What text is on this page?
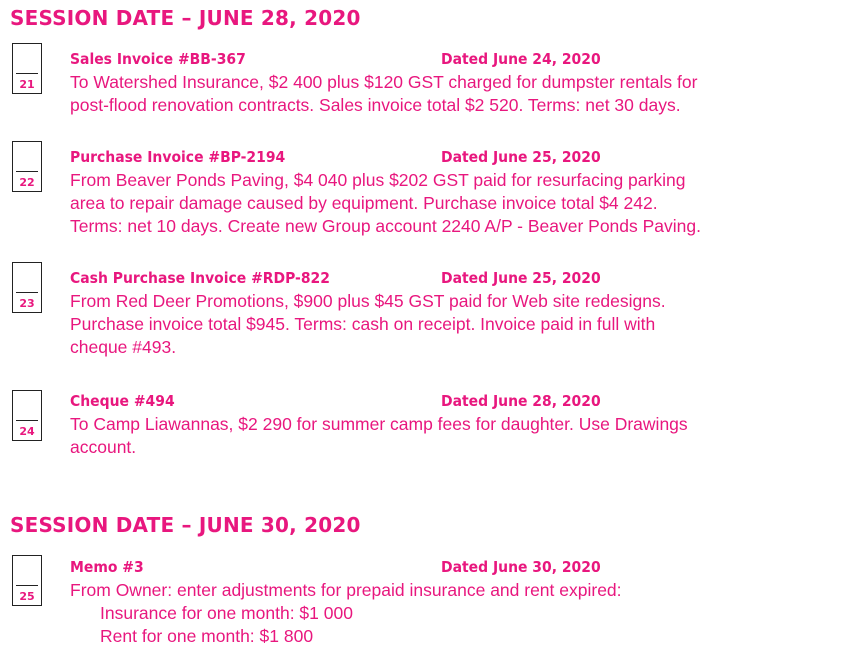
SESSION DATE – JUNE 28, 2020
21
Sales Invoice #BB-367	Dated June 24, 2020
To Watershed Insurance, $2 400 plus $120 GST charged for dumpster rentals for
post-flood renovation contracts. Sales invoice total $2 520. Terms: net 30 days.
22
Purchase Invoice #BP-2194	Dated June 25, 2020
From Beaver Ponds Paving, $4 040 plus $202 GST paid for resurfacing parking
area to repair damage caused by equipment. Purchase invoice total $4 242.
Terms: net 10 days. Create new Group account 2240 A/P - Beaver Ponds Paving.
23
Cash Purchase Invoice #RDP-822	Dated June 25, 2020
From Red Deer Promotions, $900 plus $45 GST paid for Web site redesigns.
Purchase invoice total $945. Terms: cash on receipt. Invoice paid in full with
cheque #493.
24
Cheque #494	Dated June 28, 2020
To Camp Liawannas, $2 290 for summer camp fees for daughter. Use Drawings
account.
SESSION DATE – JUNE 30, 2020
25
Memo #3	Dated June 30, 2020
From Owner: enter adjustments for prepaid insurance and rent expired:
Insurance for one month: $1 000
Rent for one month: $1 800
